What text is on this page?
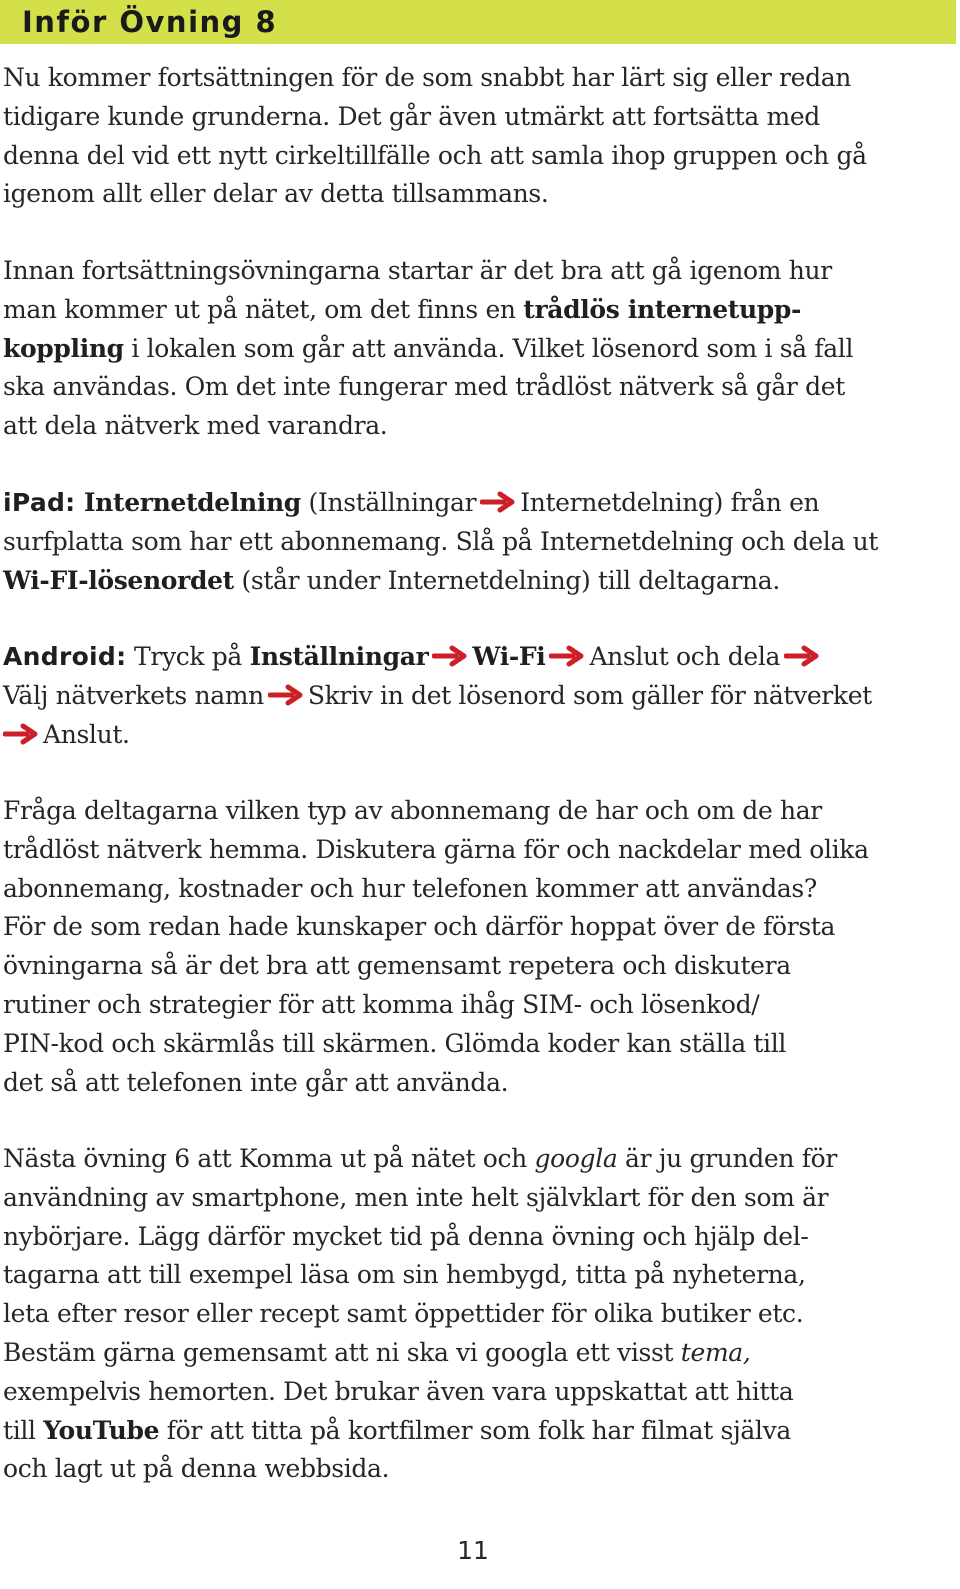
Inför Övning 8
Nu kommer fortsättningen för de som snabbt har lärt sig eller redan
tidigare kunde grunderna. Det går även utmärkt att fortsätta med
denna del vid ett nytt cirkeltillfälle och att samla ihop gruppen och gå
igenom allt eller delar av detta tillsammans.
Innan fortsättningsövningarna startar är det bra att gå igenom hur
man kommer ut på nätet, om det finns en trådlös internetupp-
koppling i lokalen som går att använda. Vilket lösenord som i så fall
ska användas. Om det inte fungerar med trådlöst nätverk så går det
att dela nätverk med varandra.
iPad: Internetdelning (Inställningar Internetdelning) från en
surfplatta som har ett abonnemang. Slå på Internetdelning och dela ut
Wi-FI-lösenordet (står under Internetdelning) till deltagarna.
Android: Tryck på Inställningar Wi-Fi Anslut och dela
Välj nätverkets namn Skriv in det lösenord som gäller för nätverket
Anslut.
Fråga deltagarna vilken typ av abonnemang de har och om de har
trådlöst nätverk hemma. Diskutera gärna för och nackdelar med olika
abonnemang, kostnader och hur telefonen kommer att användas?
För de som redan hade kunskaper och därför hoppat över de första
övningarna så är det bra att gemensamt repetera och diskutera
rutiner och strategier för att komma ihåg SIM- och lösenkod/
PIN-kod och skärmlås till skärmen. Glömda koder kan ställa till
det så att telefonen inte går att använda.
Nästa övning 6 att Komma ut på nätet och googla är ju grunden för
användning av smartphone, men inte helt självklart för den som är
nybörjare. Lägg därför mycket tid på denna övning och hjälp del-
tagarna att till exempel läsa om sin hembygd, titta på nyheterna,
leta efter resor eller recept samt öppettider för olika butiker etc.
Bestäm gärna gemensamt att ni ska vi googla ett visst tema,
exempelvis hemorten. Det brukar även vara uppskattat att hitta
till YouTube för att titta på kortfilmer som folk har filmat själva
och lagt ut på denna webbsida.
11
